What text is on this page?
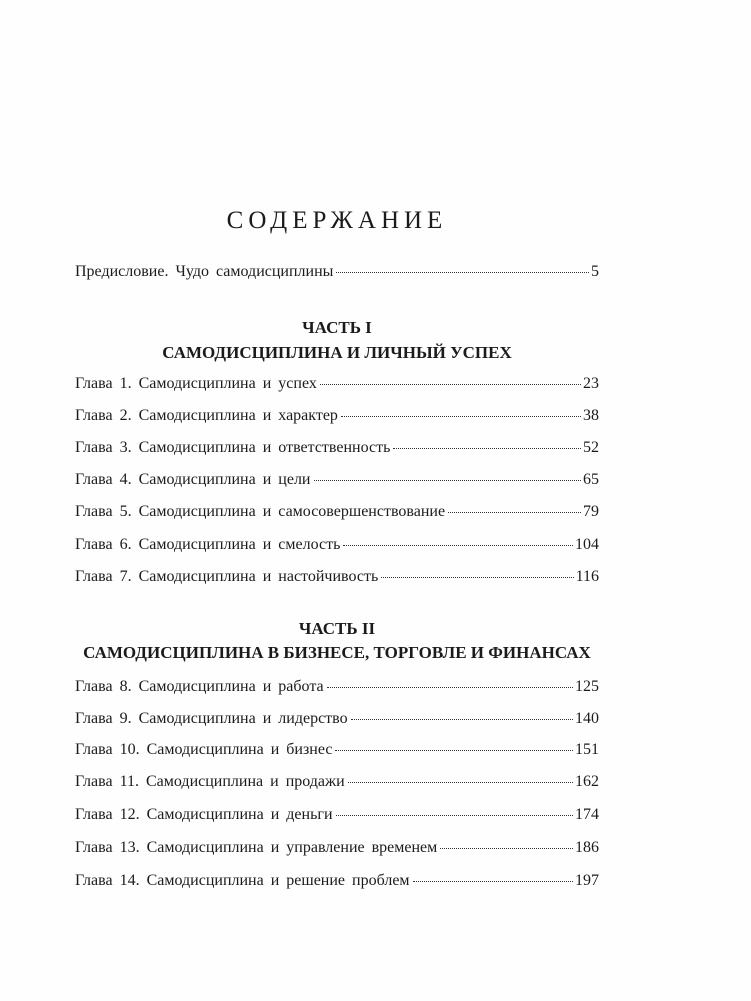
СОДЕРЖАНИЕ
Предисловие. Чудо самодисциплины	5
ЧАСТЬ I
САМОДИСЦИПЛИНА И ЛИЧНЫЙ УСПЕХ
Глава 1. Самодисциплина и успех	23
Глава 2. Самодисциплина и характер	38
Глава 3. Самодисциплина и ответственность	52
Глава 4. Самодисциплина и цели	65
Глава 5. Самодисциплина и самосовершенствование	79
Глава 6. Самодисциплина и смелость	104
Глава 7. Самодисциплина и настойчивость	116
ЧАСТЬ II
САМОДИСЦИПЛИНА В БИЗНЕСЕ, ТОРГОВЛЕ И ФИНАНСАХ
Глава 8. Самодисциплина и работа	125
Глава 9. Самодисциплина и лидерство	140
Глава 10. Самодисциплина и бизнес	151
Глава 11. Самодисциплина и продажи	162
Глава 12. Самодисциплина и деньги	174
Глава 13. Самодисциплина и управление временем	186
Глава 14. Самодисциплина и решение проблем	197
